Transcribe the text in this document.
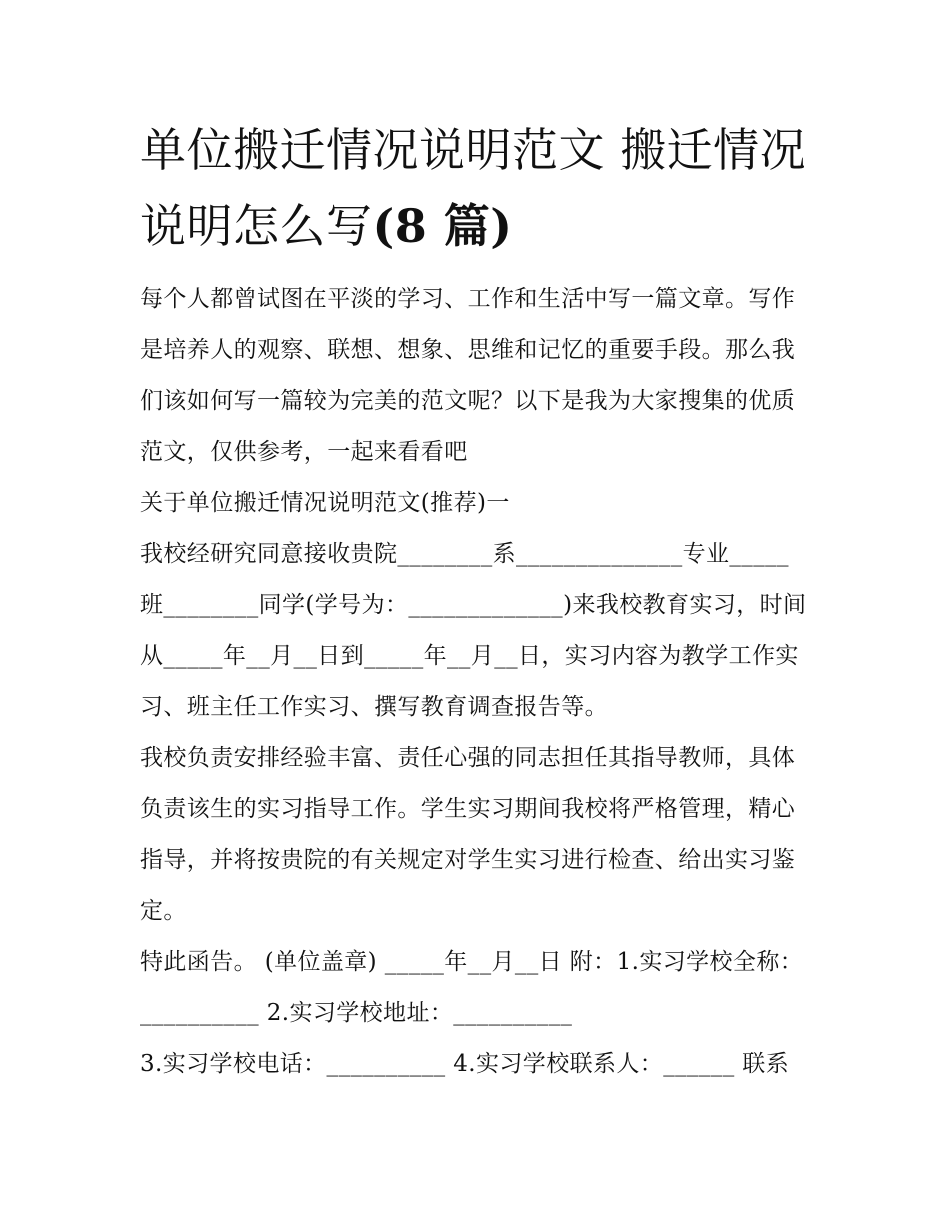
单位搬迁情况说明范文 搬迁情况说明怎么写(8 篇)

每个人都曾试图在平淡的学习、工作和生活中写一篇文章。写作是培养人的观察、联想、想象、思维和记忆的重要手段。那么我们该如何写一篇较为完美的范文呢？以下是我为大家搜集的优质范文，仅供参考，一起来看看吧

关于单位搬迁情况说明范文(推荐)一

我校经研究同意接收贵院________系______________专业_____班________同学(学号为：_____________)来我校教育实习，时间从_____年__月__日到_____年__月__日，实习内容为教学工作实习、班主任工作实习、撰写教育调查报告等。

我校负责安排经验丰富、责任心强的同志担任其指导教师，具体负责该生的实习指导工作。学生实习期间我校将严格管理，精心指导，并将按贵院的有关规定对学生实习进行检查、给出实习鉴定。

特此函告。 (单位盖章) _____年__月__日 附：1.实习学校全称：__________ 2.实习学校地址：__________

3.实习学校电话：__________ 4.实习学校联系人：______ 联系
